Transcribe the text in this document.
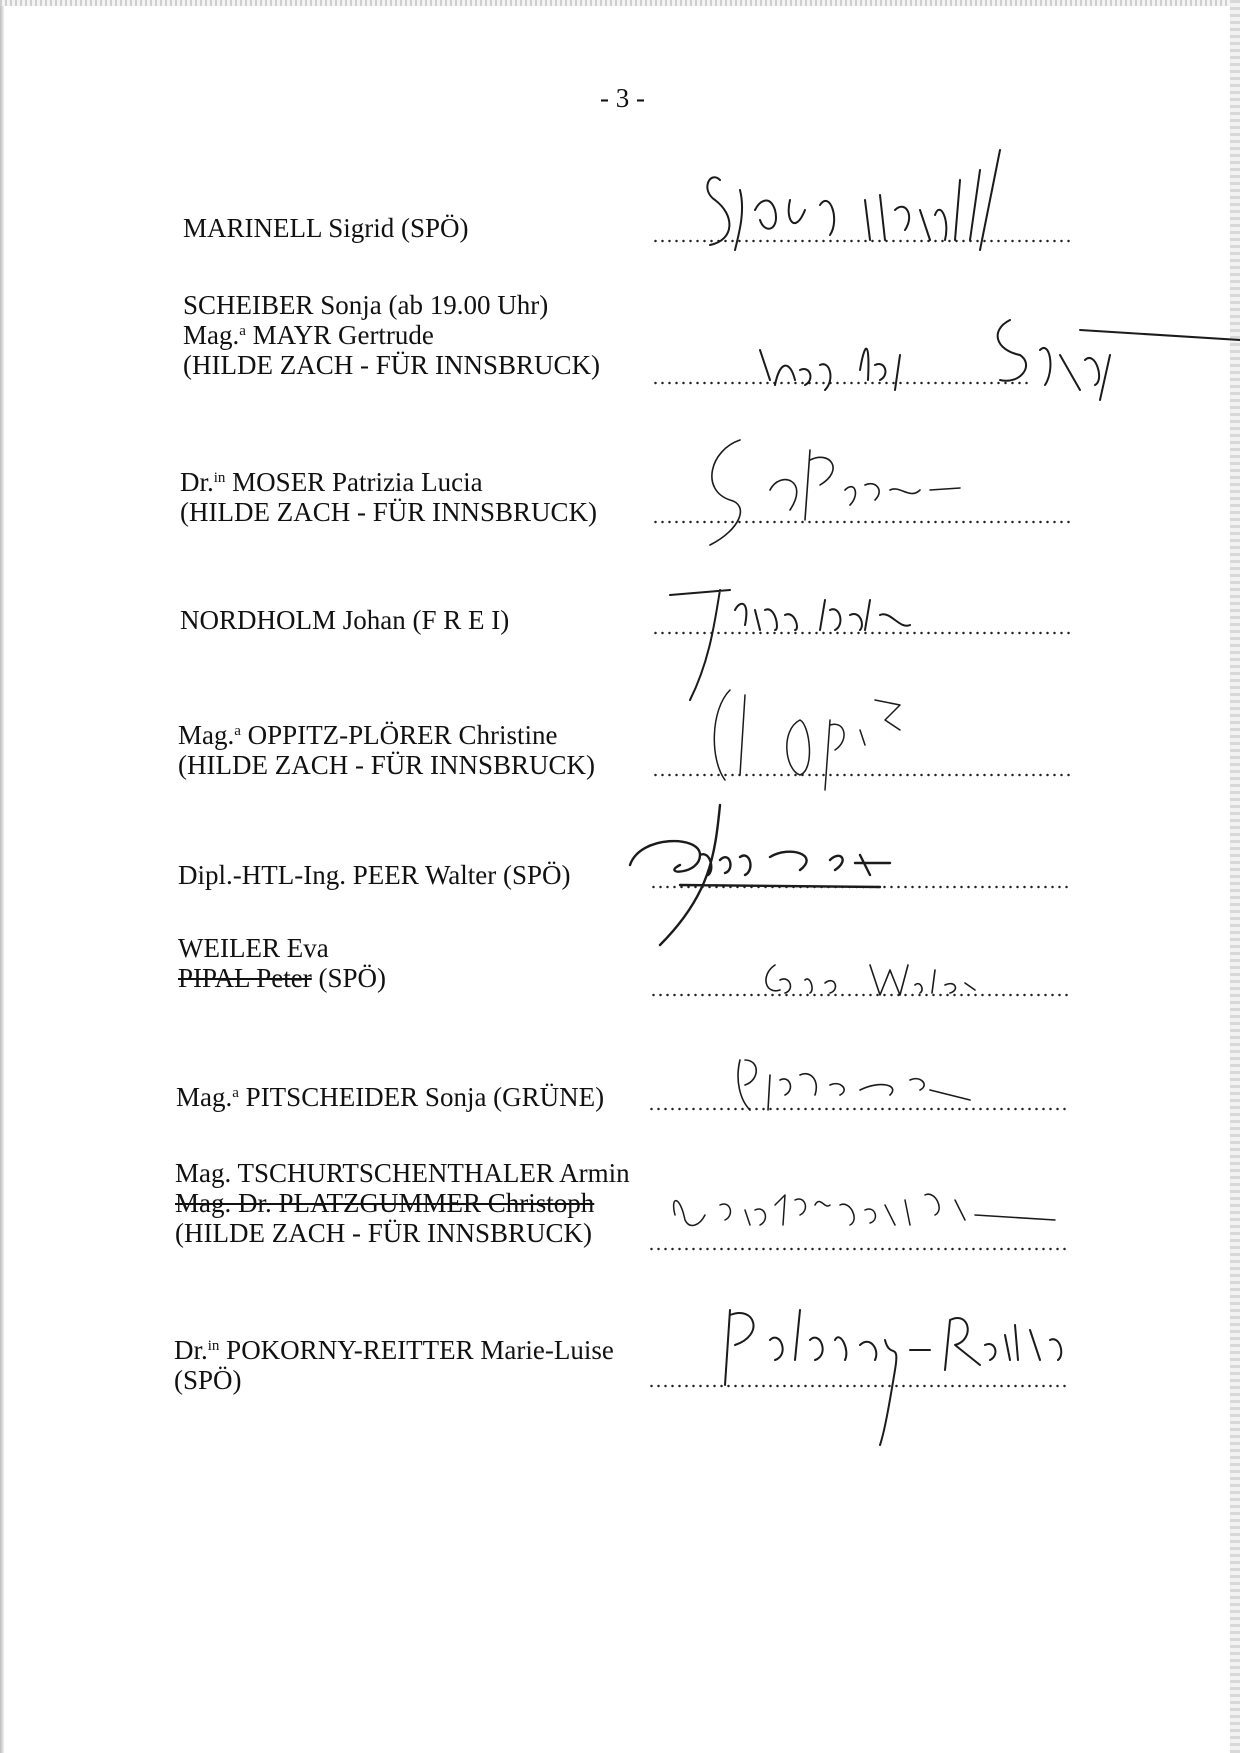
- 3 -
MARINELL Sigrid (SPÖ)
SCHEIBER Sonja (ab 19.00 Uhr)
Mag.$^a$ MAYR Gertrude
(HILDE ZACH - FÜR INNSBRUCK)
Dr.$^{in}$ MOSER Patrizia Lucia
(HILDE ZACH - FÜR INNSBRUCK)
NORDHOLM Johan (F R E I)
Mag.$^a$ OPPITZ-PLÖRER Christine
(HILDE ZACH - FÜR INNSBRUCK)
Dipl.-HTL-Ing. PEER Walter (SPÖ)
WEILER Eva
PIPAL Peter (SPÖ)
Mag.$^a$ PITSCHEIDER Sonja (GRÜNE)
Mag. TSCHURTSCHENTHALER Armin
Mag. Dr. PLATZGUMMER Christoph
(HILDE ZACH - FÜR INNSBRUCK)
Dr.$^{in}$ POKORNY-REITTER Marie-Luise
(SPÖ)
